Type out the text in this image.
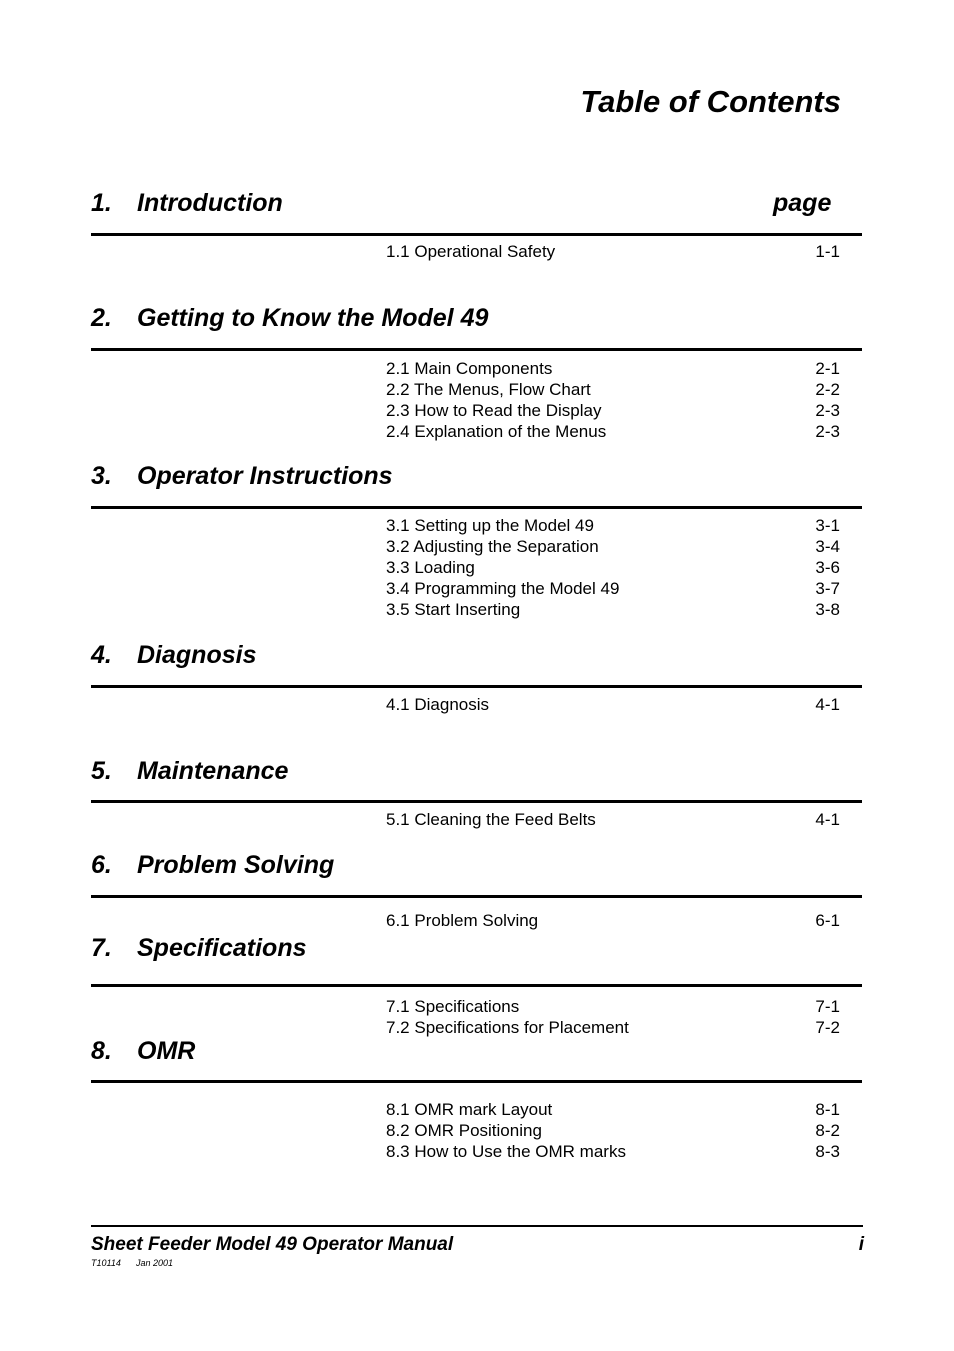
Table of Contents
page
1. Introduction
1.1 Operational Safety	1-1
2. Getting to Know the Model 49
2.1 Main Components	2-1
2.2 The Menus, Flow Chart	2-2
2.3 How to Read the Display	2-3
2.4 Explanation of the Menus	2-3
3. Operator Instructions
3.1 Setting up the Model 49	3-1
3.2 Adjusting the Separation	3-4
3.3 Loading	3-6
3.4 Programming the Model 49	3-7
3.5 Start Inserting	3-8
4. Diagnosis
4.1 Diagnosis	4-1
5. Maintenance
5.1 Cleaning the Feed Belts	4-1
6. Problem Solving
6.1 Problem Solving	6-1
7. Specifications
7.1 Specifications	7-1
7.2 Specifications for Placement	7-2
8. OMR
8.1 OMR mark Layout	8-1
8.2 OMR Positioning	8-2
8.3 How to Use the OMR marks	8-3
Sheet Feeder Model 49 Operator Manual	i
T10114 Jan 2001
